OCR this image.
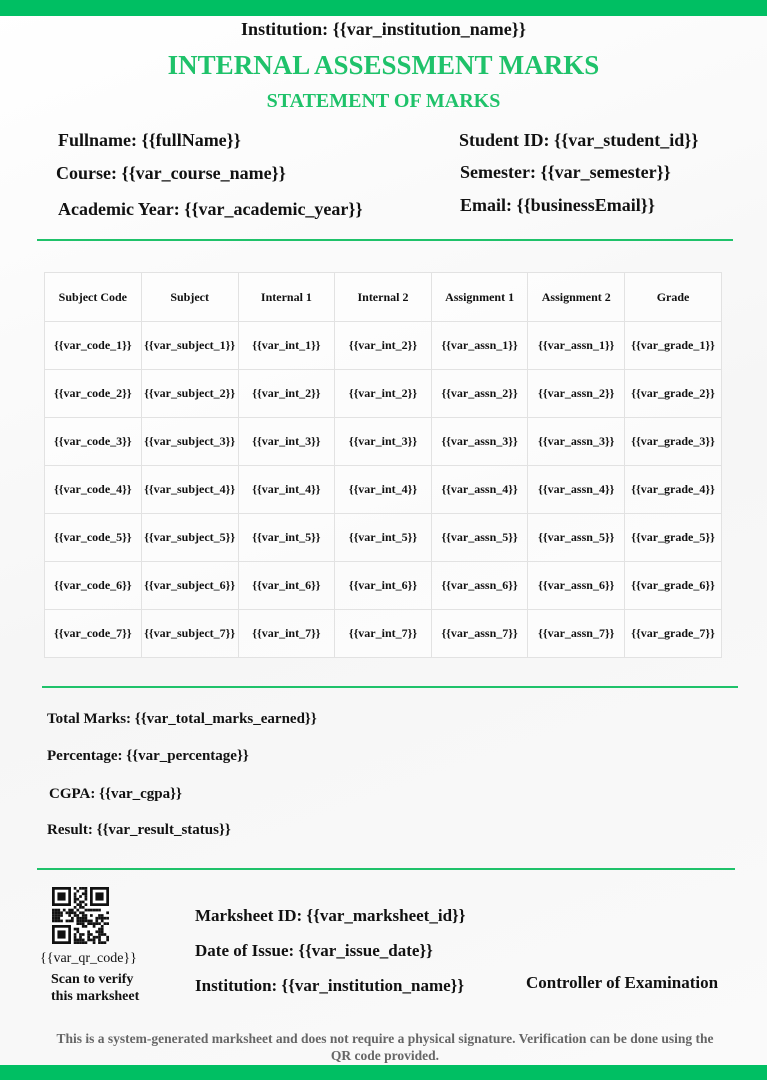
Institution: {{var_institution_name}}
INTERNAL ASSESSMENT MARKS
STATEMENT OF MARKS
Fullname: {{fullName}}
Course: {{var_course_name}}
Academic Year: {{var_academic_year}}
Student ID: {{var_student_id}}
Semester: {{var_semester}}
Email: {{businessEmail}}
Subject Code	Subject	Internal 1	Internal 2	Assignment 1	Assignment 2	Grade
{{var_code_1}}	{{var_subject_1}}	{{var_int_1}}	{{var_int_2}}	{{var_assn_1}}	{{var_assn_1}}	{{var_grade_1}}
{{var_code_2}}	{{var_subject_2}}	{{var_int_2}}	{{var_int_2}}	{{var_assn_2}}	{{var_assn_2}}	{{var_grade_2}}
{{var_code_3}}	{{var_subject_3}}	{{var_int_3}}	{{var_int_3}}	{{var_assn_3}}	{{var_assn_3}}	{{var_grade_3}}
{{var_code_4}}	{{var_subject_4}}	{{var_int_4}}	{{var_int_4}}	{{var_assn_4}}	{{var_assn_4}}	{{var_grade_4}}
{{var_code_5}}	{{var_subject_5}}	{{var_int_5}}	{{var_int_5}}	{{var_assn_5}}	{{var_assn_5}}	{{var_grade_5}}
{{var_code_6}}	{{var_subject_6}}	{{var_int_6}}	{{var_int_6}}	{{var_assn_6}}	{{var_assn_6}}	{{var_grade_6}}
{{var_code_7}}	{{var_subject_7}}	{{var_int_7}}	{{var_int_7}}	{{var_assn_7}}	{{var_assn_7}}	{{var_grade_7}}
Total Marks: {{var_total_marks_earned}}
Percentage: {{var_percentage}}
CGPA: {{var_cgpa}}
Result: {{var_result_status}}
{{var_qr_code}}
Scan to verify
this marksheet
Marksheet ID: {{var_marksheet_id}}
Date of Issue: {{var_issue_date}}
Institution: {{var_institution_name}}	Controller of Examination
This is a system-generated marksheet and does not require a physical signature. Verification can be done using the QR code provided.
